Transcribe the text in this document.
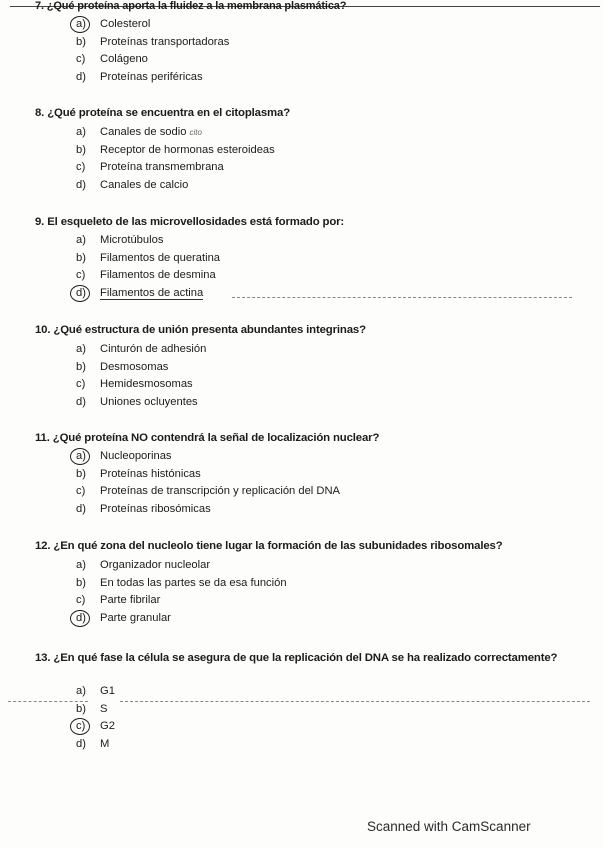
7. ¿Qué proteína aporta la fluidez a la membrana plasmática?
a) Colesterol
b) Proteínas transportadoras
c) Colágeno
d) Proteínas periféricas
8. ¿Qué proteína se encuentra en el citoplasma?
a) Canales de sodio cito
b) Receptor de hormonas esteroideas
c) Proteína transmembrana
d) Canales de calcio
9. El esqueleto de las microvellosidades está formado por:
a) Microtúbulos
b) Filamentos de queratina
c) Filamentos de desmina
d) Filamentos de actina
10. ¿Qué estructura de unión presenta abundantes integrinas?
a) Cinturón de adhesión
b) Desmosomas
c) Hemidesmosomas
d) Uniones ocluyentes
11. ¿Qué proteína NO contendrá la señal de localización nuclear?
a) Nucleoporinas
b) Proteínas histónicas
c) Proteínas de transcripción y replicación del DNA
d) Proteínas ribosómicas
12. ¿En qué zona del nucleolo tiene lugar la formación de las subunidades ribosomales?
a) Organizador nucleolar
b) En todas las partes se da esa función
c) Parte fibrilar
d) Parte granular
13. ¿En qué fase la célula se asegura de que la replicación del DNA se ha realizado correctamente?
a) G1
b) S
c) G2
d) M
Scanned with CamScanner
